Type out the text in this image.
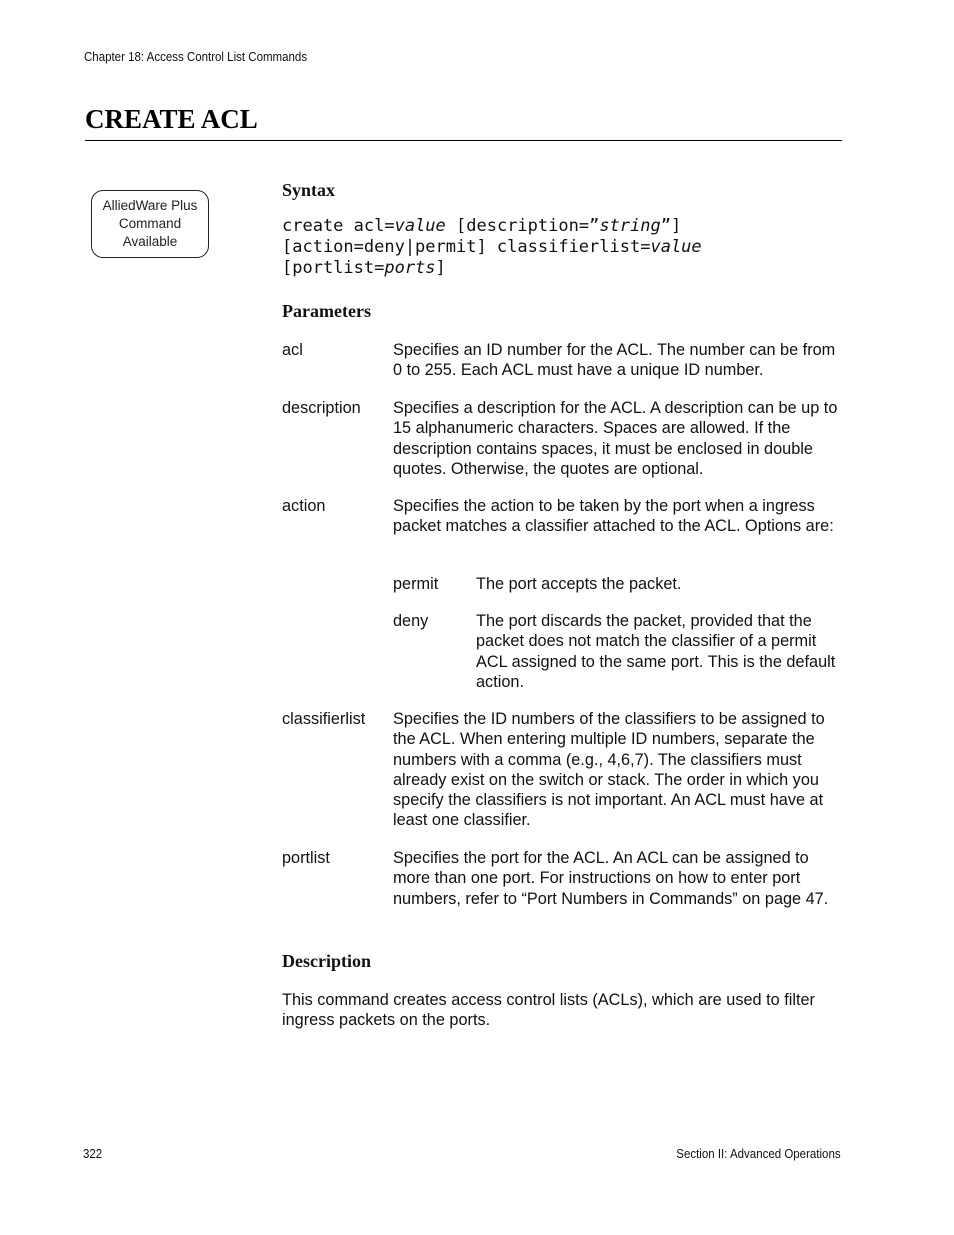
Chapter 18: Access Control List Commands
CREATE ACL
AlliedWare Plus
Command
Available
Syntax
create acl=value [description=”string”]
[action=deny|permit] classifierlist=value
[portlist=ports]
Parameters
acl	Specifies an ID number for the ACL. The number can be from 0 to 255. Each ACL must have a unique ID number.
description Specifies a description for the ACL. A description can be up to 15 alphanumeric characters. Spaces are allowed. If the description contains spaces, it must be enclosed in double quotes. Otherwise, the quotes are optional.
action	Specifies the action to be taken by the port when a ingress packet matches a classifier attached to the ACL. Options are:
permit The port accepts the packet.
deny	The port discards the packet, provided that the packet does not match the classifier of a permit ACL assigned to the same port. This is the default action.
classifierlist Specifies the ID numbers of the classifiers to be assigned to the ACL. When entering multiple ID numbers, separate the numbers with a comma (e.g., 4,6,7). The classifiers must already exist on the switch or stack. The order in which you specify the classifiers is not important. An ACL must have at least one classifier.
portlist	Specifies the port for the ACL. An ACL can be assigned to more than one port. For instructions on how to enter port numbers, refer to “Port Numbers in Commands” on page 47.
Description
This command creates access control lists (ACLs), which are used to filter ingress packets on the ports.
322	Section II: Advanced Operations
